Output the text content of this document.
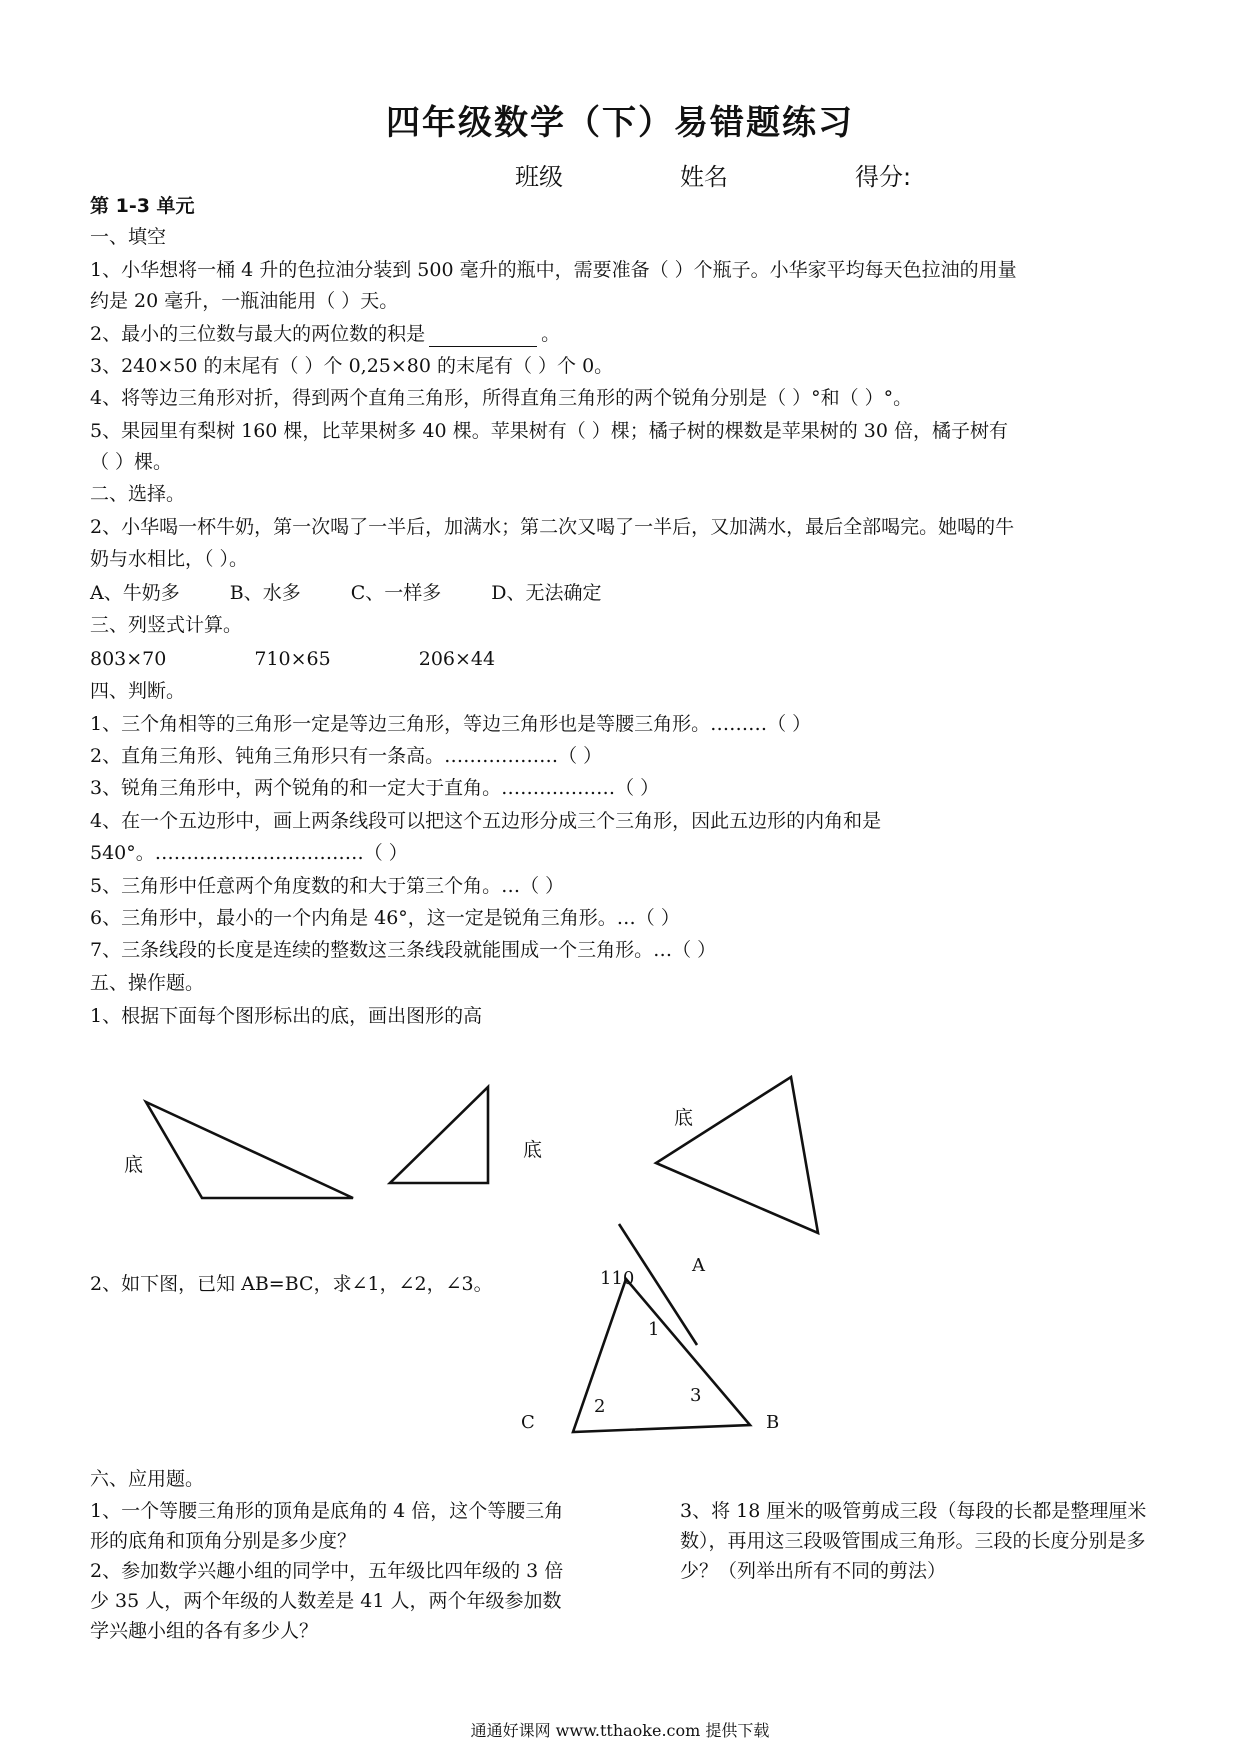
四年级数学（下）易错题练习
班级	姓名	得分:
第 1-3 单元
一、填空
1、小华想将一桶 4 升的色拉油分装到 500 毫升的瓶中，需要准备（ ）个瓶子。小华家平均每天色拉油的用量
约是 20 毫升，一瓶油能用（ ）天。
2、最小的三位数与最大的两位数的积是	。
3、240×50 的末尾有（ ）个 0,25×80 的末尾有（ ）个 0。
4、将等边三角形对折，得到两个直角三角形，所得直角三角形的两个锐角分别是（ ）°和（ ）°。
5、果园里有梨树 160 棵，比苹果树多 40 棵。苹果树有（ ）棵；橘子树的棵数是苹果树的 30 倍，橘子树有
（ ）棵。
二、选择。
2、小华喝一杯牛奶，第一次喝了一半后，加满水；第二次又喝了一半后，又加满水，最后全部喝完。她喝的牛
奶与水相比，（ ）。
A、牛奶多	B、水多	C、一样多	D、无法确定
三、列竖式计算。
803×70	710×65	206×44
四、判断。
1、三个角相等的三角形一定是等边三角形，等边三角形也是等腰三角形。………（ ）
2、直角三角形、钝角三角形只有一条高。………………（ ）
3、锐角三角形中，两个锐角的和一定大于直角。………………（ ）
4、在一个五边形中，画上两条线段可以把这个五边形分成三个三角形，因此五边形的内角和是
540°。……………………………（ ）
5、三角形中任意两个角度数的和大于第三个角。…（ ）
6、三角形中，最小的一个内角是 46°，这一定是锐角三角形。…（ ）
7、三条线段的长度是连续的整数这三条线段就能围成一个三角形。…（ ）
五、操作题。
1、根据下面每个图形标出的底，画出图形的高
底
底
底
2、如下图，已知 AB=BC，求∠1，∠2，∠3。	110
A
B
C
1
2
3
六、应用题。
1、一个等腰三角形的顶角是底角的 4 倍，这个等腰三角形的底角和顶角分别是多少度？
2、参加数学兴趣小组的同学中，五年级比四年级的 3 倍少 35 人，两个年级的人数差是 41 人，两个年级参加数学兴趣小组的各有多少人？
3、将 18 厘米的吸管剪成三段（每段的长都是整理厘米数），再用这三段吸管围成三角形。三段的长度分别是多少？（列举出所有不同的剪法）
通通好课网 www.tthaoke.com 提供下载
